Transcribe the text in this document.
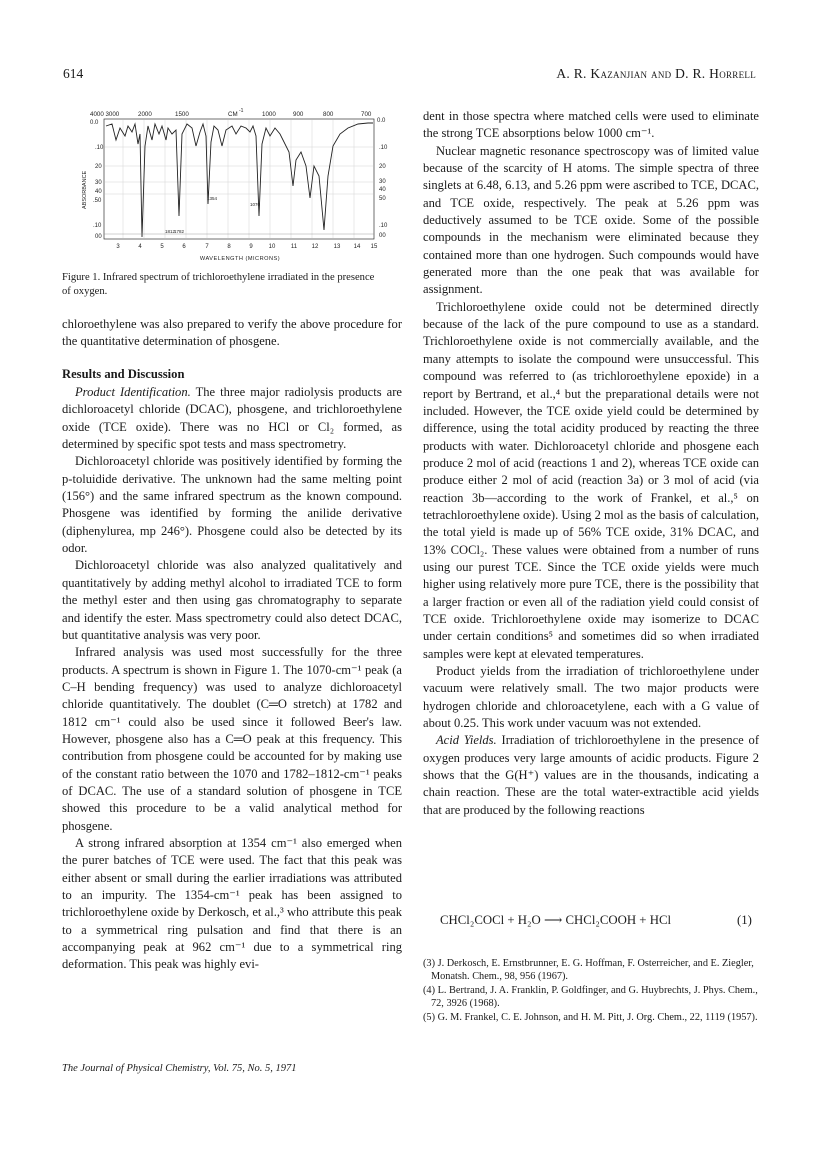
614	A. R. Kazanjian and D. R. Horrell
4000 3000	2000	1500	CM -1	1000	900	800	700
0.0
.10
20
30
40
.50
.10
00
ABSORBANCE
0.0
.10
20
30
40
50
.10
00
1812
1782
1354
1070
3	4	5	6	7	8	9	10	11 12	13 14 15
WAVELENGTH (MICRONS)
Figure 1. Infrared spectrum of trichloroethylene irradiated in the presence of oxygen.

chloroethylene was also prepared to verify the above procedure for the quantitative determination of phosgene.

Results and Discussion

Product Identification. The three major radiolysis products are dichloroacetyl chloride (DCAC), phosgene, and trichloroethylene oxide (TCE oxide). There was no HCl or Cl₂ formed, as determined by specific spot tests and mass spectrometry.

Dichloroacetyl chloride was positively identified by forming the p-toluidide derivative. The unknown had the same melting point (156°) and the same infrared spectrum as the known compound. Phosgene was identified by forming the anilide derivative (diphenylurea, mp 246°). Phosgene could also be detected by its odor.

Dichloroacetyl chloride was also analyzed qualitatively and quantitatively by adding methyl alcohol to irradiated TCE to form the methyl ester and then using gas chromatography to separate and identify the ester. Mass spectrometry could also detect DCAC, but quantitative analysis was very poor.

Infrared analysis was used most successfully for the three products. A spectrum is shown in Figure 1. The 1070-cm⁻¹ peak (a C–H bending frequency) was used to analyze dichloroacetyl chloride quantitatively. The doublet (C═O stretch) at 1782 and 1812 cm⁻¹ could also be used since it followed Beer's law. However, phosgene also has a C═O peak at this frequency. This contribution from phosgene could be accounted for by making use of the constant ratio between the 1070 and 1782–1812-cm⁻¹ peaks of DCAC. The use of a standard solution of phosgene in TCE showed this procedure to be a valid analytical method for phosgene.

A strong infrared absorption at 1354 cm⁻¹ also emerged when the purer batches of TCE were used. The fact that this peak was either absent or small during the earlier irradiations was attributed to an impurity. The 1354-cm⁻¹ peak has been assigned to trichloroethylene oxide by Derkosch, et al.,³ who attribute this peak to a symmetrical ring pulsation and find that there is an accompanying peak at 962 cm⁻¹ due to a symmetrical ring deformation. This peak was highly evi-

dent in those spectra where matched cells were used to eliminate the strong TCE absorptions below 1000 cm⁻¹.

Nuclear magnetic resonance spectroscopy was of limited value because of the scarcity of H atoms. The simple spectra of three singlets at 6.48, 6.13, and 5.26 ppm were ascribed to TCE, DCAC, and TCE oxide, respectively. The peak at 5.26 ppm was deductively assumed to be TCE oxide. Some of the possible compounds in the mechanism were eliminated because they contained more than one hydrogen. Such compounds would have generated more than the one peak that was available for assignment.

Trichloroethylene oxide could not be determined directly because of the lack of the pure compound to use as a standard. Trichloroethylene oxide is not commercially available, and the many attempts to isolate the compound were unsuccessful. This compound was referred to (as trichloroethylene epoxide) in a report by Bertrand, et al.,⁴ but the preparational details were not included. However, the TCE oxide yield could be determined by difference, using the total acidity produced by reacting the three products with water. Dichloroacetyl chloride and phosgene each produce 2 mol of acid (reactions 1 and 2), whereas TCE oxide can produce either 2 mol of acid (reaction 3a) or 3 mol of acid (via reaction 3b—according to the work of Frankel, et al.,⁵ on tetrachloroethylene oxide). Using 2 mol as the basis of calculation, the total yield is made up of 56% TCE oxide, 31% DCAC, and 13% COCl₂. These values were obtained from a number of runs using our purest TCE. Since the TCE oxide yields were much higher using relatively more pure TCE, there is the possibility that a larger fraction or even all of the radiation yield could consist of TCE oxide. Trichloroethylene oxide may isomerize to DCAC under certain conditions⁵ and sometimes did so when irradiated samples were kept at elevated temperatures.

Product yields from the irradiation of trichloroethylene under vacuum were relatively small. The two major products were hydrogen chloride and chloroacetylene, each with a G value of about 0.25. This work under vacuum was not extended.

Acid Yields. Irradiation of trichloroethylene in the presence of oxygen produces very large amounts of acidic products. Figure 2 shows that the G(H⁺) values are in the thousands, indicating a chain reaction. These are the total water-extractible acid yields that are produced by the following reactions

CHCl₂COCl + H₂O ⟶ CHCl₂COOH + HCl	(1)

(3) J. Derkosch, E. Ernstbrunner, E. G. Hoffman, F. Osterreicher, and E. Ziegler, Monatsh. Chem., 98, 956 (1967).

(4) L. Bertrand, J. A. Franklin, P. Goldfinger, and G. Huybrechts, J. Phys. Chem., 72, 3926 (1968).

(5) G. M. Frankel, C. E. Johnson, and H. M. Pitt, J. Org. Chem., 22, 1119 (1957).

The Journal of Physical Chemistry, Vol. 75, No. 5, 1971
